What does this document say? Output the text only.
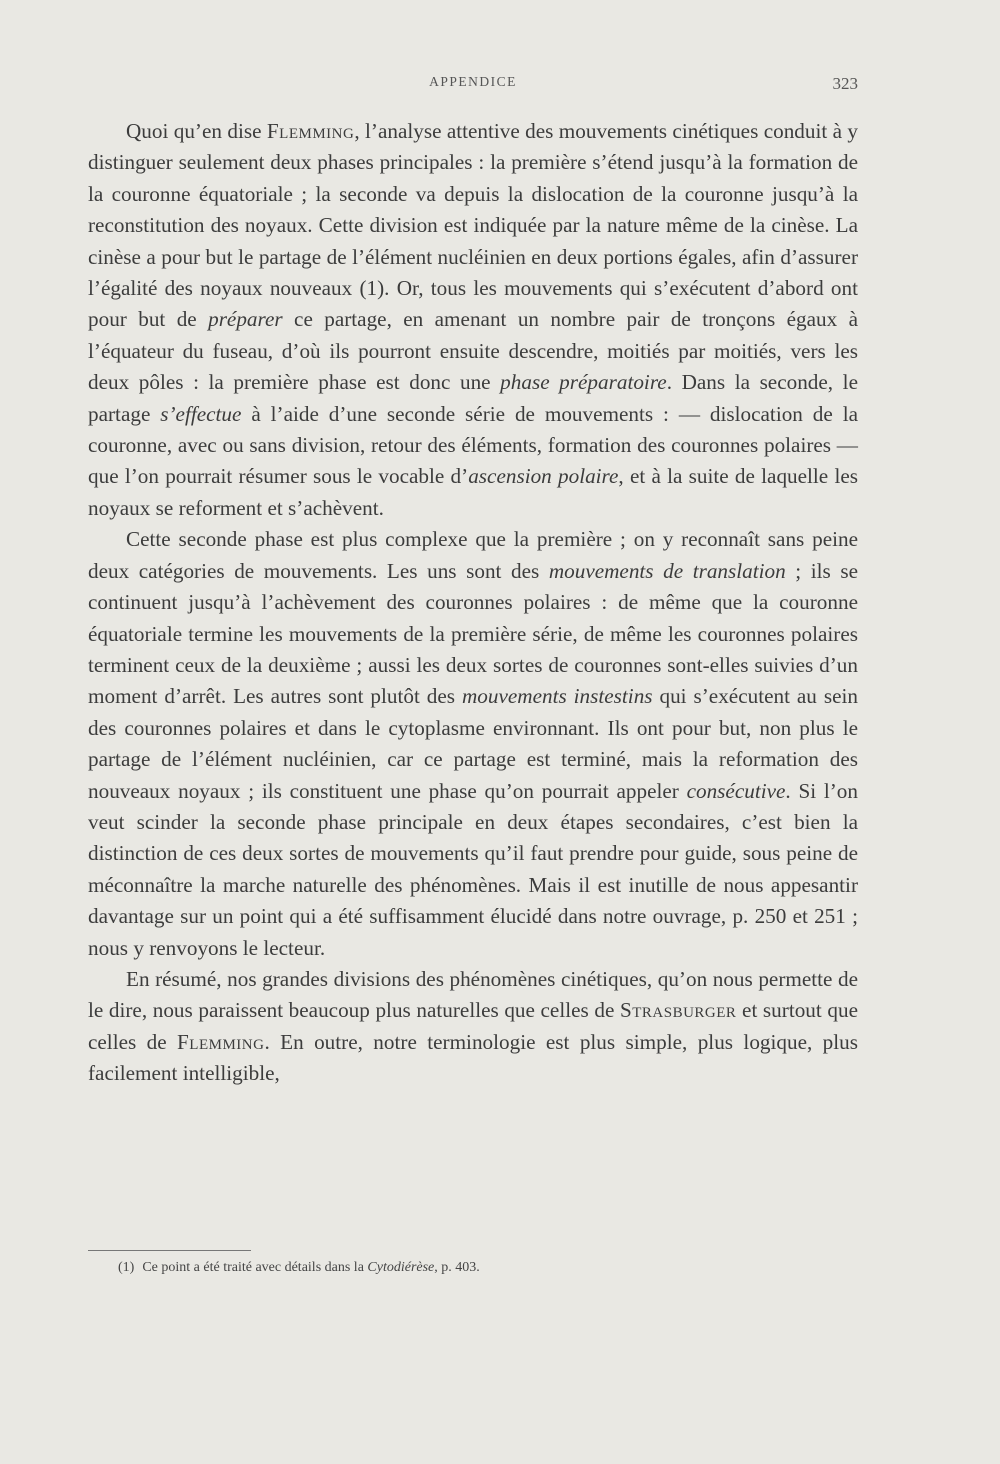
APPENDICE	323

Quoi qu’en dise Flemming, l’analyse attentive des mouvements cinétiques conduit à y distinguer seulement deux phases principales : la première s’étend jusqu’à la formation de la couronne équatoriale ; la seconde va depuis la dislocation de la couronne jusqu’à la reconstitution des noyaux. Cette division est indiquée par la nature même de la cinèse. La cinèse a pour but le partage de l’élément nucléinien en deux portions égales, afin d’assurer l’égalité des noyaux nouveaux (1). Or, tous les mouvements qui s’exécutent d’abord ont pour but de préparer ce partage, en amenant un nombre pair de tronçons égaux à l’équateur du fuseau, d’où ils pourront ensuite descendre, moitiés par moitiés, vers les deux pôles : la première phase est donc une phase préparatoire. Dans la seconde, le partage s’effectue à l’aide d’une seconde série de mouvements : — dislocation de la couronne, avec ou sans division, retour des éléments, formation des couronnes polaires — que l’on pourrait résumer sous le vocable d’ascension polaire, et à la suite de laquelle les noyaux se reforment et s’achèvent.

Cette seconde phase est plus complexe que la première ; on y reconnaît sans peine deux catégories de mouvements. Les uns sont des mouvements de translation ; ils se continuent jusqu’à l’achèvement des couronnes polaires : de même que la couronne équatoriale termine les mouvements de la première série, de même les couronnes polaires terminent ceux de la deuxième ; aussi les deux sortes de couronnes sont-elles suivies d’un moment d’arrêt. Les autres sont plutôt des mouvements instestins qui s’exécutent au sein des couronnes polaires et dans le cytoplasme environnant. Ils ont pour but, non plus le partage de l’élément nucléinien, car ce partage est terminé, mais la reformation des nouveaux noyaux ; ils constituent une phase qu’on pourrait appeler consécutive. Si l’on veut scinder la seconde phase principale en deux étapes secondaires, c’est bien la distinction de ces deux sortes de mouvements qu’il faut prendre pour guide, sous peine de méconnaître la marche naturelle des phénomènes. Mais il est inutille de nous appesantir davantage sur un point qui a été suffisamment élucidé dans notre ouvrage, p. 250 et 251 ; nous y renvoyons le lecteur.

En résumé, nos grandes divisions des phénomènes cinétiques, qu’on nous permette de le dire, nous paraissent beaucoup plus naturelles que celles de Strasburger et surtout que celles de Flemming. En outre, notre terminologie est plus simple, plus logique, plus facilement intelligible,

(1) Ce point a été traité avec détails dans la Cytodiérèse, p. 403.
